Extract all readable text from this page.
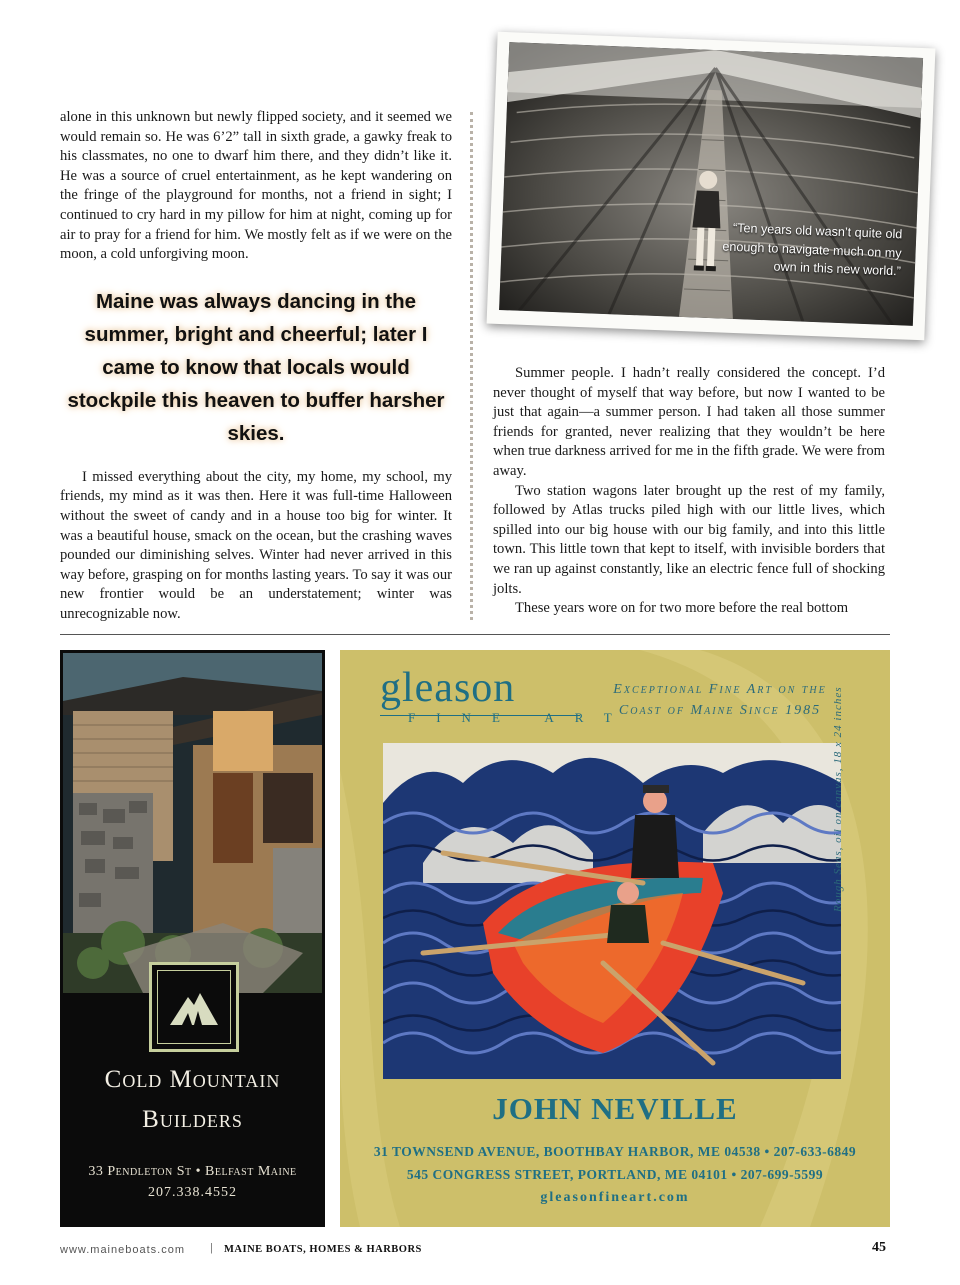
alone in this unknown but newly flipped society, and it seemed we would remain so. He was 6’2” tall in sixth grade, a gawky freak to his classmates, no one to dwarf him there, and they didn’t like it. He was a source of cruel entertainment, as he kept wandering on the fringe of the playground for months, not a friend in sight; I continued to cry hard in my pillow for him at night, coming up for air to pray for a friend for him. We mostly felt as if we were on the moon, a cold unforgiving moon.

Maine was always dancing in the summer, bright and cheerful; later I came to know that locals would stockpile this heaven to buffer harsher skies.

I missed everything about the city, my home, my school, my friends, my mind as it was then. Here it was full-time Halloween without the sweet of candy and in a house too big for winter. It was a beautiful house, smack on the ocean, but the crashing waves pounded our diminishing selves. Winter had never arrived in this way before, grasping on for months lasting years. To say it was our new frontier would be an understatement; winter was unrecognizable now.

“Ten years old wasn’t quite old enough to navigate much on my own in this new world.”

Summer people. I hadn’t really considered the concept. I’d never thought of myself that way before, but now I wanted to be just that again—a summer person. I had taken all those summer friends for granted, never realizing that they wouldn’t be here when true darkness arrived for me in the fifth grade. We were from away.

Two station wagons later brought up the rest of my family, followed by Atlas trucks piled high with our little lives, which spilled into our big house with our big family, and into this little town. This little town that kept to itself, with invisible borders that we ran up against constantly, like an electric fence full of shocking jolts.

These years wore on for two more before the real bottom

Cold Mountain
Builders
33 Pendleton St • Belfast Maine
207.338.4552
gleason
FINE ART
Exceptional Fine Art on the
Coast of Maine Since 1985 Rough Seas, oil on canvas, 18 x 24 inches
JOHN NEVILLE
31 TOWNSEND AVENUE, BOOTHBAY HARBOR, ME 04538 • 207-633-6849
545 CONGRESS STREET, PORTLAND, ME 04101 • 207-699-5599
gleasonfineart.com
www.maineboats.com | MAINE BOATS, HOMES & HARBORS	45
